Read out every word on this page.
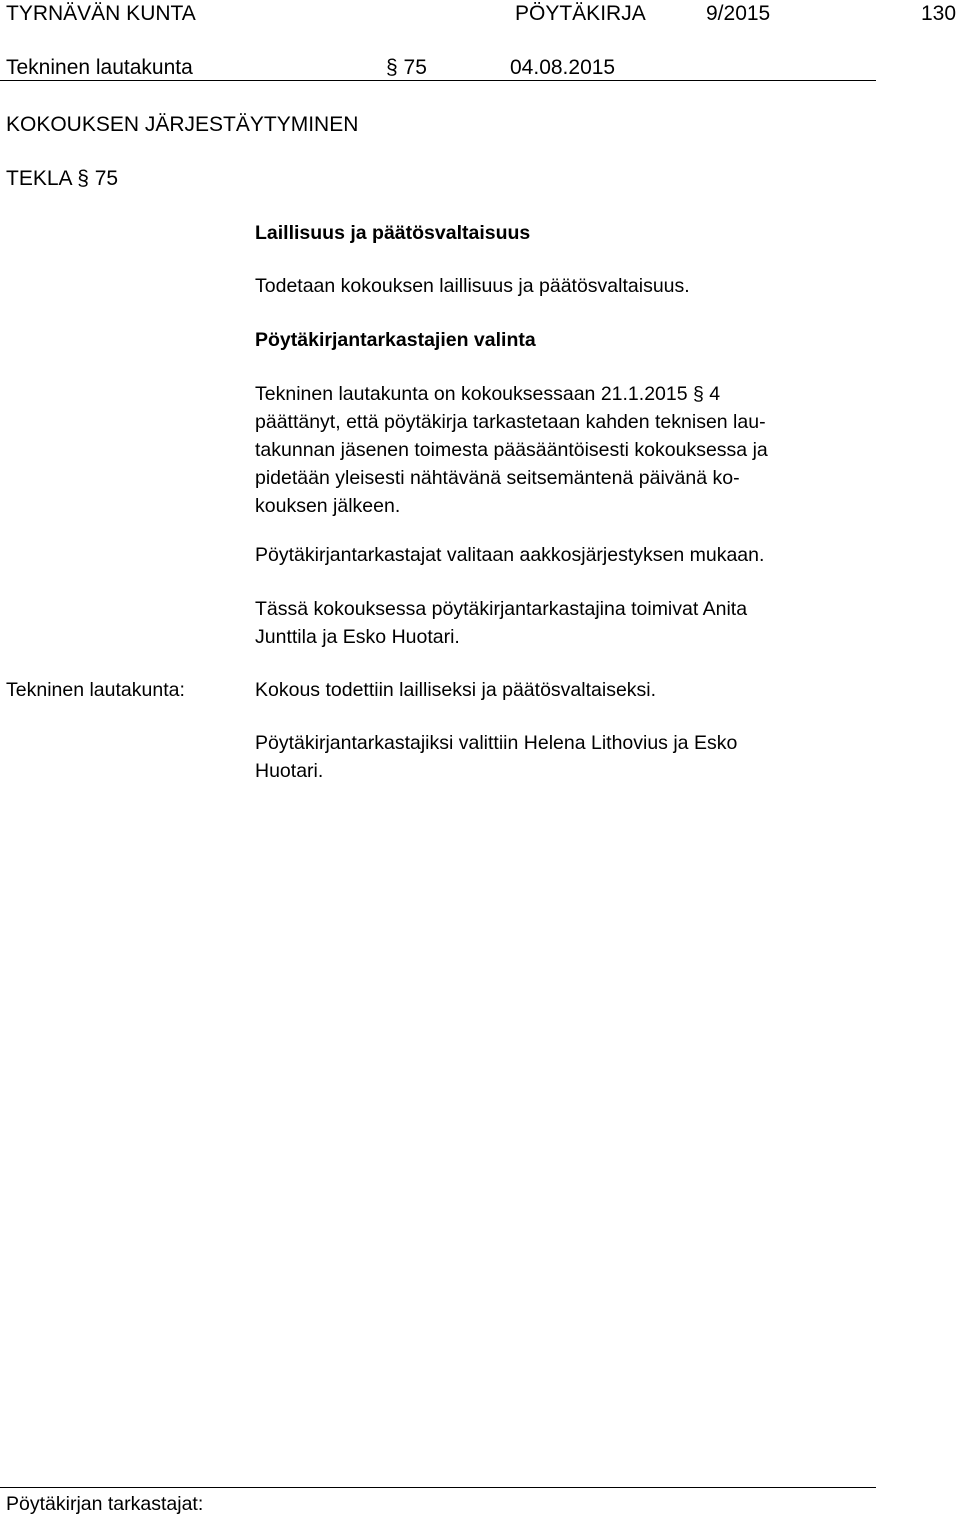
TYRNÄVÄN KUNTA	PÖYTÄKIRJA	9/2015	130
Tekninen lautakunta	§ 75	04.08.2015
KOKOUKSEN JÄRJESTÄYTYMINEN
TEKLA § 75
Laillisuus ja päätösvaltaisuus
Todetaan kokouksen laillisuus ja päätösvaltaisuus.
Pöytäkirjantarkastajien valinta
Tekninen lautakunta on kokouksessaan 21.1.2015 § 4
päättänyt, että pöytäkirja tarkastetaan kahden teknisen lau-
takunnan jäsenen toimesta pääsääntöisesti kokouksessa ja
pidetään yleisesti nähtävänä seitsemäntenä päivänä ko-
kouksen jälkeen.
Pöytäkirjantarkastajat valitaan aakkosjärjestyksen mukaan.
Tässä kokouksessa pöytäkirjantarkastajina toimivat Anita
Junttila ja Esko Huotari.
Tekninen lautakunta:	Kokous todettiin lailliseksi ja päätösvaltaiseksi.
Pöytäkirjantarkastajiksi valittiin Helena Lithovius ja Esko
Huotari.
Pöytäkirjan tarkastajat:
